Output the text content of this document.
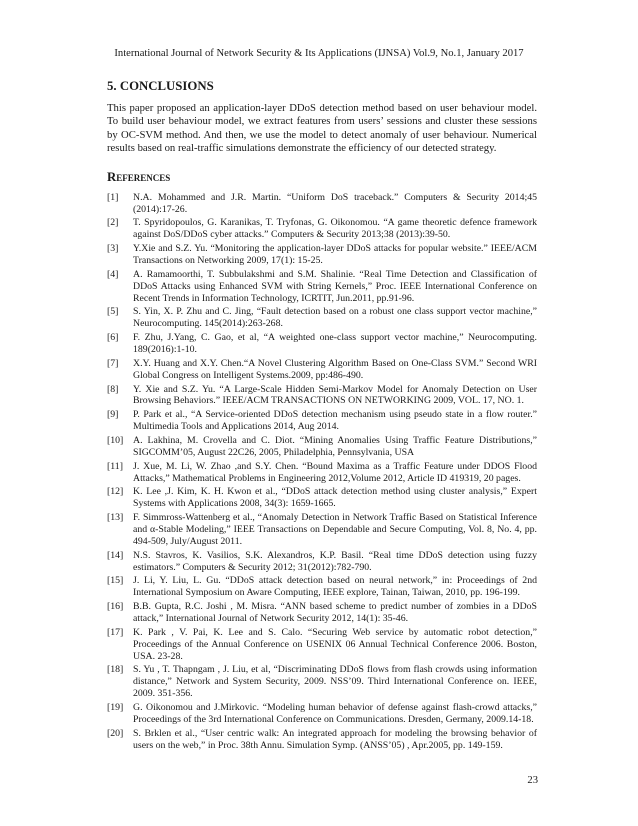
International Journal of Network Security & Its Applications (IJNSA) Vol.9, No.1, January 2017
5. CONCLUSIONS

This paper proposed an application-layer DDoS detection method based on user behaviour model. To build user behaviour model, we extract features from users’ sessions and cluster these sessions by OC-SVM method. And then, we use the model to detect anomaly of user behaviour. Numerical results based on real-traffic simulations demonstrate the efficiency of our detected strategy.

References
[1]	N.A. Mohammed and J.R. Martin. “Uniform DoS traceback.” Computers & Security 2014;45 (2014):17-26.
[2]	T. Spyridopoulos, G. Karanikas, T. Tryfonas, G. Oikonomou. “A game theoretic defence framework against DoS/DDoS cyber attacks.” Computers & Security 2013;38 (2013):39-50.
[3]	Y.Xie and S.Z. Yu. “Monitoring the application-layer DDoS attacks for popular website.” IEEE/ACM Transactions on Networking 2009, 17(1): 15-25.
[4]	A. Ramamoorthi, T. Subbulakshmi and S.M. Shalinie. “Real Time Detection and Classification of DDoS Attacks using Enhanced SVM with String Kernels,” Proc. IEEE International Conference on Recent Trends in Information Technology, ICRTIT, Jun.2011, pp.91-96.
[5]	S. Yin, X. P. Zhu and C. Jing, “Fault detection based on a robust one class support vector machine,” Neurocomputing. 145(2014):263-268.
[6]	F. Zhu, J.Yang, C. Gao, et al, “A weighted one-class support vector machine,” Neurocomputing. 189(2016):1-10.
[7]	X.Y. Huang and X.Y. Chen.“A Novel Clustering Algorithm Based on One-Class SVM.” Second WRI Global Congress on Intelligent Systems.2009, pp:486-490.
[8]	Y. Xie and S.Z. Yu. “A Large-Scale Hidden Semi-Markov Model for Anomaly Detection on User Browsing Behaviors.” IEEE/ACM TRANSACTIONS ON NETWORKING 2009, VOL. 17, NO. 1.
[9]	P. Park et al., “A Service-oriented DDoS detection mechanism using pseudo state in a flow router.” Multimedia Tools and Applications 2014, Aug 2014.
[10] A. Lakhina, M. Crovella and C. Diot. “Mining Anomalies Using Traffic Feature Distributions,” SIGCOMM’05, August 22C26, 2005, Philadelphia, Pennsylvania, USA
[11]	J. Xue, M. Li, W. Zhao ,and S.Y. Chen. “Bound Maxima as a Traffic Feature under DDOS Flood Attacks,” Mathematical Problems in Engineering 2012,Volume 2012, Article ID 419319, 20 pages.
[12] K. Lee ,J. Kim, K. H. Kwon et al., “DDoS attack detection method using cluster analysis,” Expert Systems with Applications 2008, 34(3): 1659-1665.
[13] F. Simmross-Wattenberg et al., “Anomaly Detection in Network Traffic Based on Statistical Inference and α-Stable Modeling,” IEEE Transactions on Dependable and Secure Computing, Vol. 8, No. 4, pp. 494-509, July/August 2011.
[14] N.S. Stavros, K. Vasilios, S.K. Alexandros, K.P. Basil. “Real time DDoS detection using fuzzy estimators.” Computers & Security 2012; 31(2012):782-790.
[15] J. Li, Y. Liu, L. Gu. “DDoS attack detection based on neural network,” in: Proceedings of 2nd International Symposium on Aware Computing, IEEE explore, Tainan, Taiwan, 2010, pp. 196-199.
[16] B.B. Gupta, R.C. Joshi , M. Misra. “ANN based scheme to predict number of zombies in a DDoS attack,” International Journal of Network Security 2012, 14(1): 35-46.
[17] K. Park , V. Pai, K. Lee and S. Calo. “Securing Web service by automatic robot detection,” Proceedings of the Annual Conference on USENIX 06 Annual Technical Conference 2006. Boston, USA. 23-28.
[18] S. Yu , T. Thapngam , J. Liu, et al, “Discriminating DDoS flows from flash crowds using information distance,” Network and System Security, 2009. NSS’09. Third International Conference on. IEEE, 2009. 351-356.
[19] G. Oikonomou and J.Mirkovic. “Modeling human behavior of defense against flash-crowd attacks,” Proceedings of the 3rd International Conference on Communications. Dresden, Germany, 2009.14-18.
[20] S. Brklen et al., “User centric walk: An integrated approach for modeling the browsing behavior of users on the web,” in Proc. 38th Annu. Simulation Symp. (ANSS’05) , Apr.2005, pp. 149-159.
23
